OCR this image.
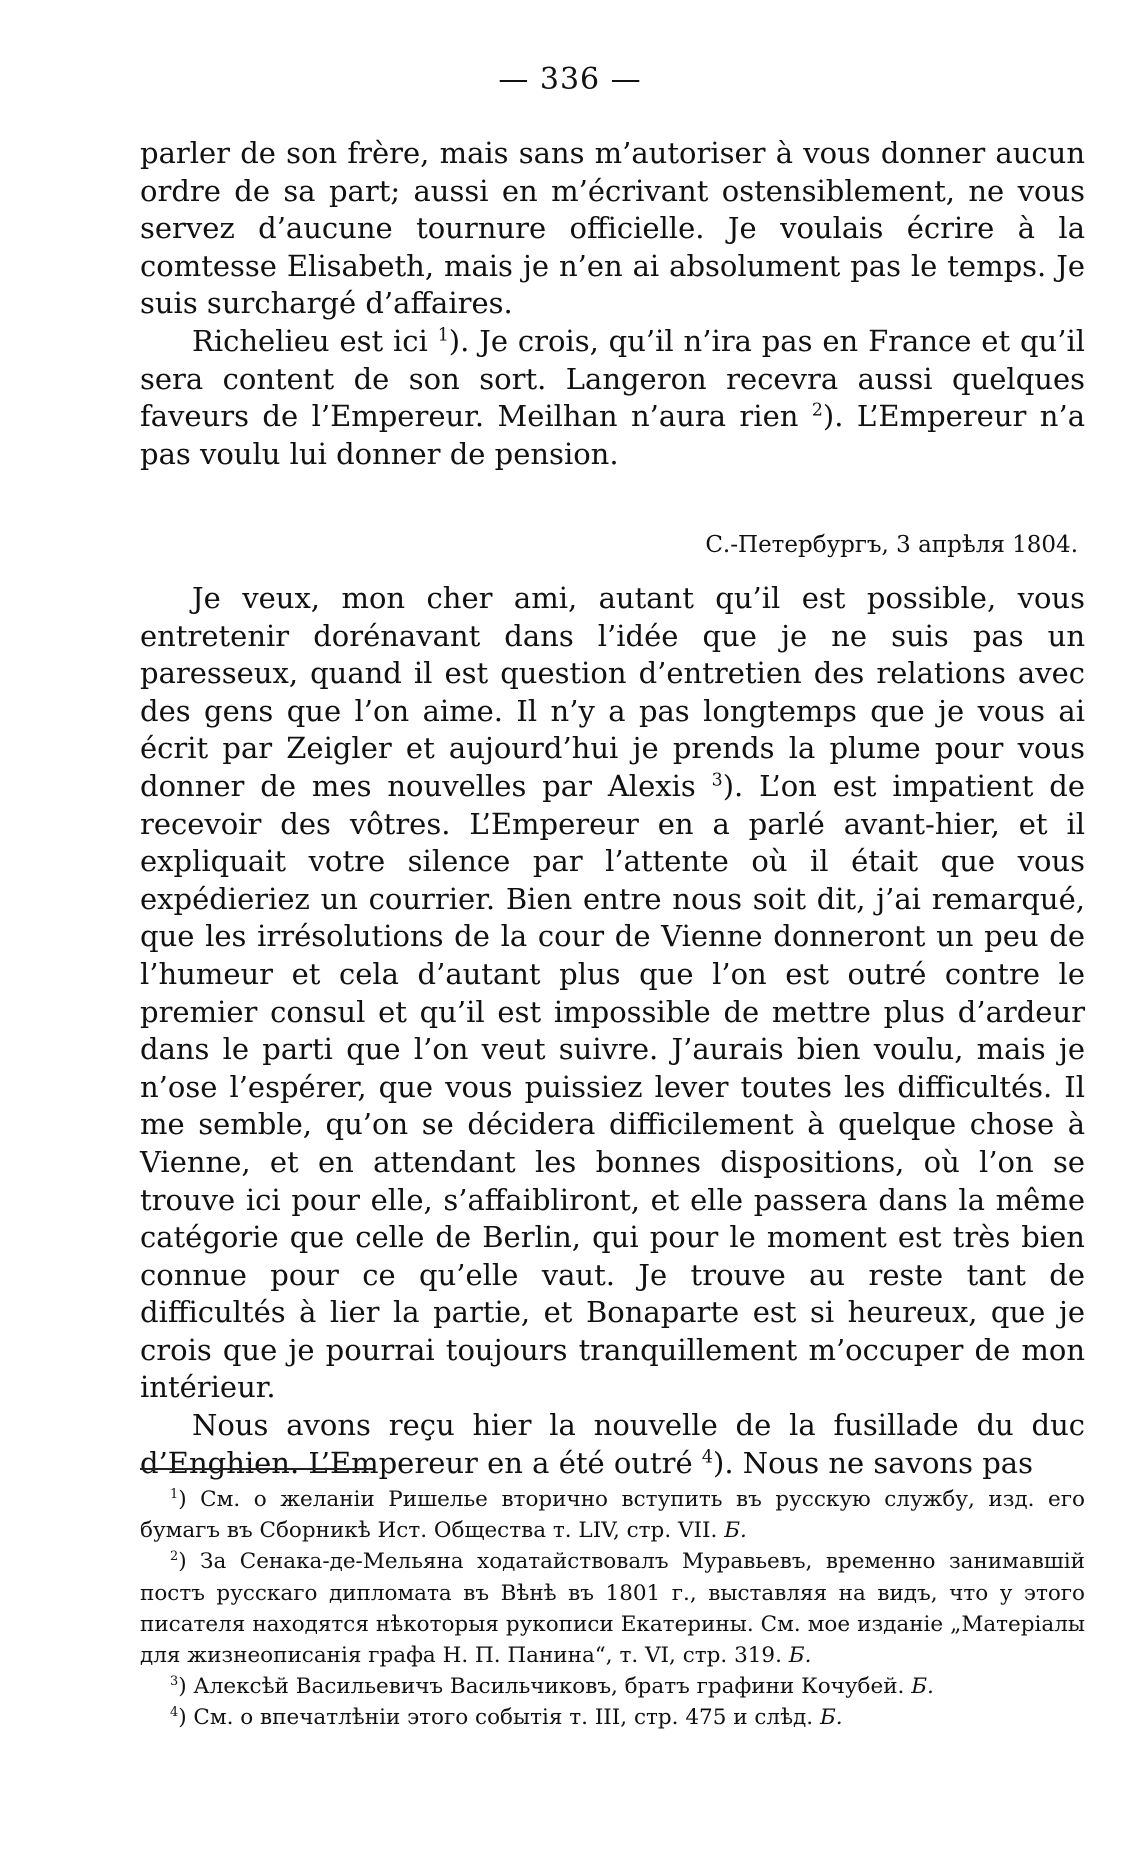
— 336 —

parler de son frère, mais sans m’autoriser à vous donner aucun ordre de sa part; aussi en m’écrivant ostensiblement, ne vous servez d’aucune tournure officielle. Je voulais écrire à la comtesse Elisabeth, mais je n’en ai absolument pas le temps. Je suis surchargé d’affaires.

Richelieu est ici $^1$). Je crois, qu’il n’ira pas en France et qu’il sera content de son sort. Langeron recevra aussi quelques faveurs de l’Empereur. Meilhan n’aura rien $^2$). L’Empereur n’a pas voulu lui donner de pension.

С.-Петербургъ, 3 апрѣля 1804.

Je veux, mon cher ami, autant qu’il est possible, vous entretenir dorénavant dans l’idée que je ne suis pas un paresseux, quand il est question d’entretien des relations avec des gens que l’on aime. Il n’y a pas longtemps que je vous ai écrit par Zeigler et aujourd’hui je prends la plume pour vous donner de mes nouvelles par Alexis $^3$). L’on est impatient de recevoir des vôtres. L’Empereur en a parlé avant-hier, et il expliquait votre silence par l’attente où il était que vous expédieriez un courrier. Bien entre nous soit dit, j’ai remarqué, que les irrésolutions de la cour de Vienne donneront un peu de l’humeur et cela d’autant plus que l’on est outré contre le premier consul et qu’il est impossible de mettre plus d’ardeur dans le parti que l’on veut suivre. J’aurais bien voulu, mais je n’ose l’espérer, que vous puissiez lever toutes les difficultés. Il me semble, qu’on se décidera difficilement à quelque chose à Vienne, et en attendant les bonnes dispositions, où l’on se trouve ici pour elle, s’affaibliront, et elle passera dans la même catégorie que celle de Berlin, qui pour le moment est très bien connue pour ce qu’elle vaut. Je trouve au reste tant de difficultés à lier la partie, et Bonaparte est si heureux, que je crois que je pourrai toujours tranquillement m’occuper de mon intérieur.

Nous avons reçu hier la nouvelle de la fusillade du duc d’Enghien. L’Empereur en a été outré $^4$). Nous ne savons pas

$^1$) См. о желаніи Ришелье вторично вступить въ русскую службу, изд. его бумагъ въ Сборникѣ Ист. Общества т. LIV, стр. VII. Б.

$^2$) За Сенака-де-Мельяна ходатайствовалъ Муравьевъ, временно занимавшій постъ русскаго дипломата въ Вѣнѣ въ 1801 г., выставляя на видъ, что у этого писателя находятся нѣкоторыя рукописи Екатерины. См. мое изданіе „Матеріалы для жизнеописанія графа Н. П. Панина“, т. VI, стр. 319. Б.

$^3$) Алексѣй Васильевичъ Васильчиковъ, братъ графини Кочубей. Б.

$^4$) См. о впечатлѣніи этого событія т. III, стр. 475 и слѣд. Б.
